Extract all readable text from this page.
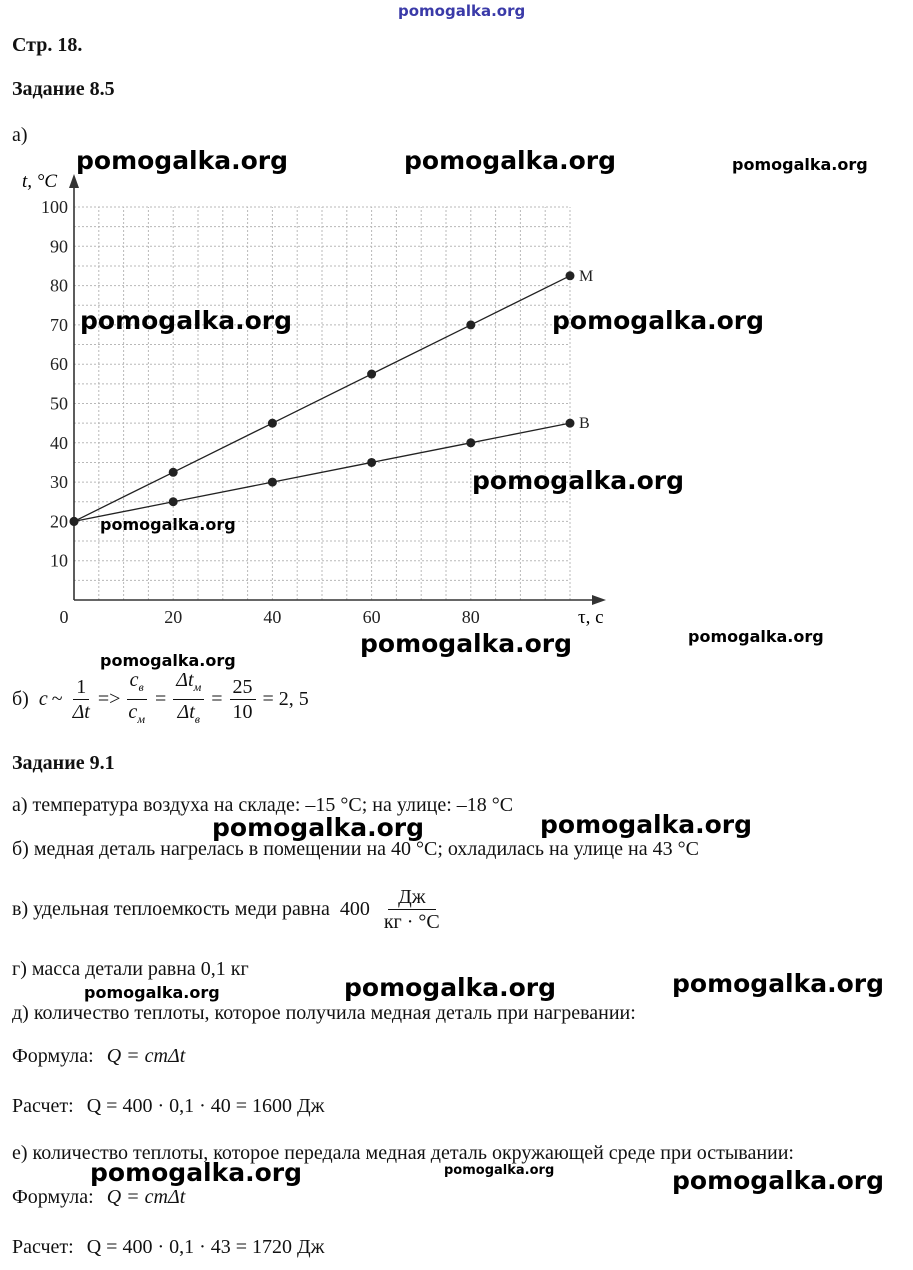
pomogalka.org
Стр. 18.
Задание 8.5
а)
10
20
30
40
50
60
70
80
90
100
0	20	40	60	80
М
В
t, °C
τ, с
б) c ~ $\frac{1}{\Delta t} => \frac{c_в}{c_м} = \frac{\Delta t_м}{\Delta t_в} = \frac{25}{10} = 2$, 5
Задание 9.1
а) температура воздуха на складе: –15 °С; на улице: –18 °С
б) медная деталь нагрелась в помещении на 40 °С; охладилась на улице на 43 °С
в) удельная теплоемкость меди равна $400 \frac{Дж}{кг \cdot ^\circ С}$
г) масса детали равна 0,1 кг
д) количество теплоты, которое получила медная деталь при нагревании:
Формула: Q = cmΔt
Расчет: Q = 400 · 0,1 · 40 = 1600 Дж
е) количество теплоты, которое передала медная деталь окружающей среде при остывании:
Формула: Q = cmΔt
Расчет: Q = 400 · 0,1 · 43 = 1720 Дж
pomogalka.org	pomogalka.org	pomogalka.org
pomogalka.org	pomogalka.org
pomogalka.org
pomogalka.org
pomogalka.org	pomogalka.org
pomogalka.org
pomogalka.org	pomogalka.org
pomogalka.org	pomogalka.org	pomogalka.org
pomogalka.org	pomogalka.org	pomogalka.org
